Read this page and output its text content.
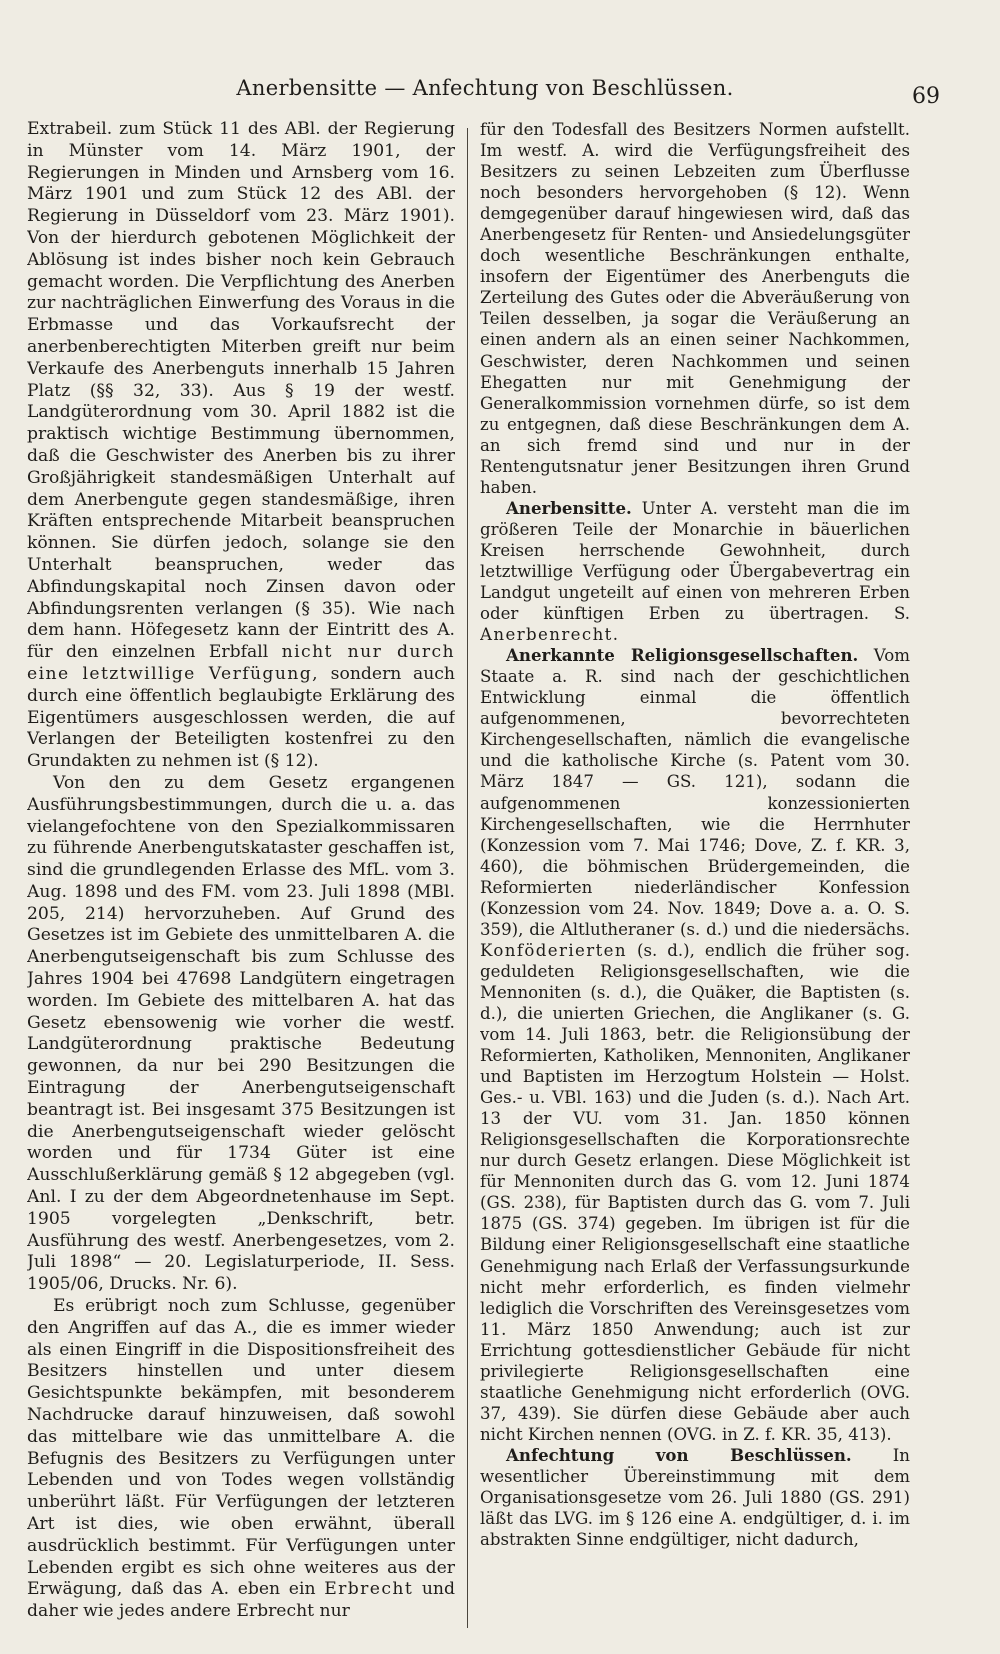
Anerbensitte — Anfechtung von Beschlüssen.	69

Extrabeil. zum Stück 11 des ABl. der Regierung in Münster vom 14. März 1901, der Regierungen in Minden und Arnsberg vom 16. März 1901 und zum Stück 12 des ABl. der Regierung in Düsseldorf vom 23. März 1901). Von der hierdurch gebotenen Möglichkeit der Ablösung ist indes bisher noch kein Gebrauch gemacht worden. Die Verpflichtung des Anerben zur nachträglichen Einwerfung des Voraus in die Erbmasse und das Vorkaufsrecht der anerbenberechtigten Miterben greift nur beim Verkaufe des Anerbenguts innerhalb 15 Jahren Platz (§§ 32, 33). Aus § 19 der westf. Landgüterordnung vom 30. April 1882 ist die praktisch wichtige Bestimmung übernommen, daß die Geschwister des Anerben bis zu ihrer Großjährigkeit standesmäßigen Unterhalt auf dem Anerbengute gegen standesmäßige, ihren Kräften entsprechende Mitarbeit beanspruchen können. Sie dürfen jedoch, solange sie den Unterhalt beanspruchen, weder das Abfindungskapital noch Zinsen davon oder Abfindungsrenten verlangen (§ 35). Wie nach dem hann. Höfegesetz kann der Eintritt des A. für den einzelnen Erbfall nicht nur durch eine letztwillige Verfügung, sondern auch durch eine öffentlich beglaubigte Erklärung des Eigentümers ausgeschlossen werden, die auf Verlangen der Beteiligten kostenfrei zu den Grundakten zu nehmen ist (§ 12).

Von den zu dem Gesetz ergangenen Ausführungsbestimmungen, durch die u. a. das vielangefochtene von den Spezialkommissaren zu führende Anerbengutskataster geschaffen ist, sind die grundlegenden Erlasse des MfL. vom 3. Aug. 1898 und des FM. vom 23. Juli 1898 (MBl. 205, 214) hervorzuheben. Auf Grund des Gesetzes ist im Gebiete des unmittelbaren A. die Anerbengutseigenschaft bis zum Schlusse des Jahres 1904 bei 47698 Landgütern eingetragen worden. Im Gebiete des mittelbaren A. hat das Gesetz ebensowenig wie vorher die westf. Landgüterordnung praktische Bedeutung gewonnen, da nur bei 290 Besitzungen die Eintragung der Anerbengutseigenschaft beantragt ist. Bei insgesamt 375 Besitzungen ist die Anerbengutseigenschaft wieder gelöscht worden und für 1734 Güter ist eine Ausschlußerklärung gemäß § 12 abgegeben (vgl. Anl. I zu der dem Abgeordnetenhause im Sept. 1905 vorgelegten „Denkschrift, betr. Ausführung des westf. Anerbengesetzes, vom 2. Juli 1898“ — 20. Legislaturperiode, II. Sess. 1905/06, Drucks. Nr. 6).

Es erübrigt noch zum Schlusse, gegenüber den Angriffen auf das A., die es immer wieder als einen Eingriff in die Dispositionsfreiheit des Besitzers hinstellen und unter diesem Gesichtspunkte bekämpfen, mit besonderem Nachdrucke darauf hinzuweisen, daß sowohl das mittelbare wie das unmittelbare A. die Befugnis des Besitzers zu Verfügungen unter Lebenden und von Todes wegen vollständig unberührt läßt. Für Verfügungen der letzteren Art ist dies, wie oben erwähnt, überall ausdrücklich bestimmt. Für Verfügungen unter Lebenden ergibt es sich ohne weiteres aus der Erwägung, daß das A. eben ein Erbrecht und daher wie jedes andere Erbrecht nur

für den Todesfall des Besitzers Normen aufstellt. Im westf. A. wird die Verfügungsfreiheit des Besitzers zu seinen Lebzeiten zum Überflusse noch besonders hervorgehoben (§ 12). Wenn demgegenüber darauf hingewiesen wird, daß das Anerbengesetz für Renten- und Ansiedelungsgüter doch wesentliche Beschränkungen enthalte, insofern der Eigentümer des Anerbenguts die Zerteilung des Gutes oder die Abveräußerung von Teilen desselben, ja sogar die Veräußerung an einen andern als an einen seiner Nachkommen, Geschwister, deren Nachkommen und seinen Ehegatten nur mit Genehmigung der Generalkommission vornehmen dürfe, so ist dem zu entgegnen, daß diese Beschränkungen dem A. an sich fremd sind und nur in der Rentengutsnatur jener Besitzungen ihren Grund haben.

Anerbensitte. Unter A. versteht man die im größeren Teile der Monarchie in bäuerlichen Kreisen herrschende Gewohnheit, durch letztwillige Verfügung oder Übergabevertrag ein Landgut ungeteilt auf einen von mehreren Erben oder künftigen Erben zu übertragen. S. Anerbenrecht.

Anerkannte Religionsgesellschaften. Vom Staate a. R. sind nach der geschichtlichen Entwicklung einmal die öffentlich aufgenommenen, bevorrechteten Kirchengesellschaften, nämlich die evangelische und die katholische Kirche (s. Patent vom 30. März 1847 — GS. 121), sodann die aufgenommenen konzessionierten Kirchengesellschaften, wie die Herrnhuter (Konzession vom 7. Mai 1746; Dove, Z. f. KR. 3, 460), die böhmischen Brüdergemeinden, die Reformierten niederländischer Konfession (Konzession vom 24. Nov. 1849; Dove a. a. O. S. 359), die Altlutheraner (s. d.) und die niedersächs. Konföderierten (s. d.), endlich die früher sog. geduldeten Religionsgesellschaften, wie die Mennoniten (s. d.), die Quäker, die Baptisten (s. d.), die unierten Griechen, die Anglikaner (s. G. vom 14. Juli 1863, betr. die Religionsübung der Reformierten, Katholiken, Mennoniten, Anglikaner und Baptisten im Herzogtum Holstein — Holst. Ges.- u. VBl. 163) und die Juden (s. d.). Nach Art. 13 der VU. vom 31. Jan. 1850 können Religionsgesellschaften die Korporationsrechte nur durch Gesetz erlangen. Diese Möglichkeit ist für Mennoniten durch das G. vom 12. Juni 1874 (GS. 238), für Baptisten durch das G. vom 7. Juli 1875 (GS. 374) gegeben. Im übrigen ist für die Bildung einer Religionsgesellschaft eine staatliche Genehmigung nach Erlaß der Verfassungsurkunde nicht mehr erforderlich, es finden vielmehr lediglich die Vorschriften des Vereinsgesetzes vom 11. März 1850 Anwendung; auch ist zur Errichtung gottesdienstlicher Gebäude für nicht privilegierte Religionsgesellschaften eine staatliche Genehmigung nicht erforderlich (OVG. 37, 439). Sie dürfen diese Gebäude aber auch nicht Kirchen nennen (OVG. in Z. f. KR. 35, 413).

Anfechtung von Beschlüssen. In wesentlicher Übereinstimmung mit dem Organisationsgesetze vom 26. Juli 1880 (GS. 291) läßt das LVG. im § 126 eine A. endgültiger, d. i. im abstrakten Sinne endgültiger, nicht dadurch,
